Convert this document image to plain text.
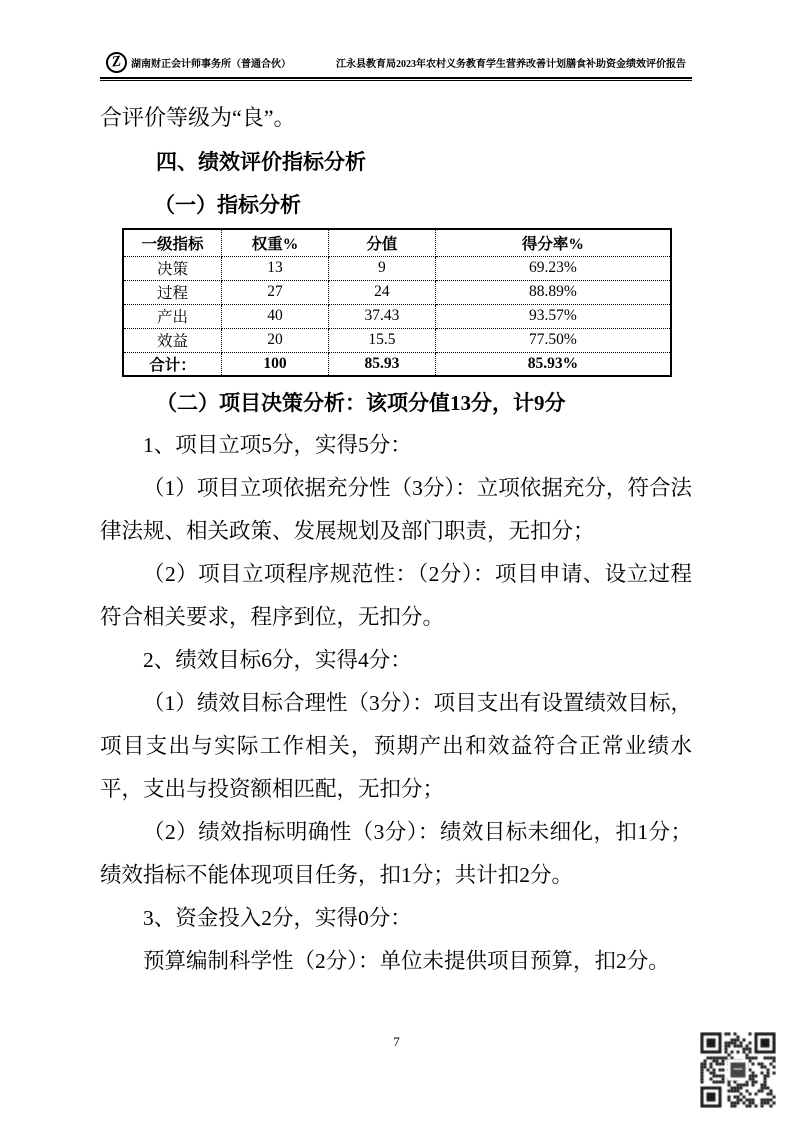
Z 湖南财正会计师事务所（普通合伙）	江永县教育局2023年农村义务教育学生营养改善计划膳食补助资金绩效评价报告

合评价等级为“良”。

四、绩效评价指标分析
（一）指标分析
一级指标	权重%	分值	得分率%
决策	13	9	69.23%
过程	27	24	88.89%
产出	40	37.43	93.57%
效益	20	15.5	77.50%
合计：	100	85.93	85.93%
（二）项目决策分析：该项分值13分，计9分

1、项目立项5分，实得5分：

（1）项目立项依据充分性（3分）：立项依据充分，符合法律法规、相关政策、发展规划及部门职责，无扣分；

（2）项目立项程序规范性：（2分）：项目申请、设立过程符合相关要求，程序到位，无扣分。

2、绩效目标6分，实得4分：

（1）绩效目标合理性（3分）：项目支出有设置绩效目标，项目支出与实际工作相关，预期产出和效益符合正常业绩水平，支出与投资额相匹配，无扣分；

（2）绩效指标明确性（3分）：绩效目标未细化，扣1分；绩效指标不能体现项目任务，扣1分；共计扣2分。

3、资金投入2分，实得0分：

预算编制科学性（2分）：单位未提供项目预算，扣2分。

7
